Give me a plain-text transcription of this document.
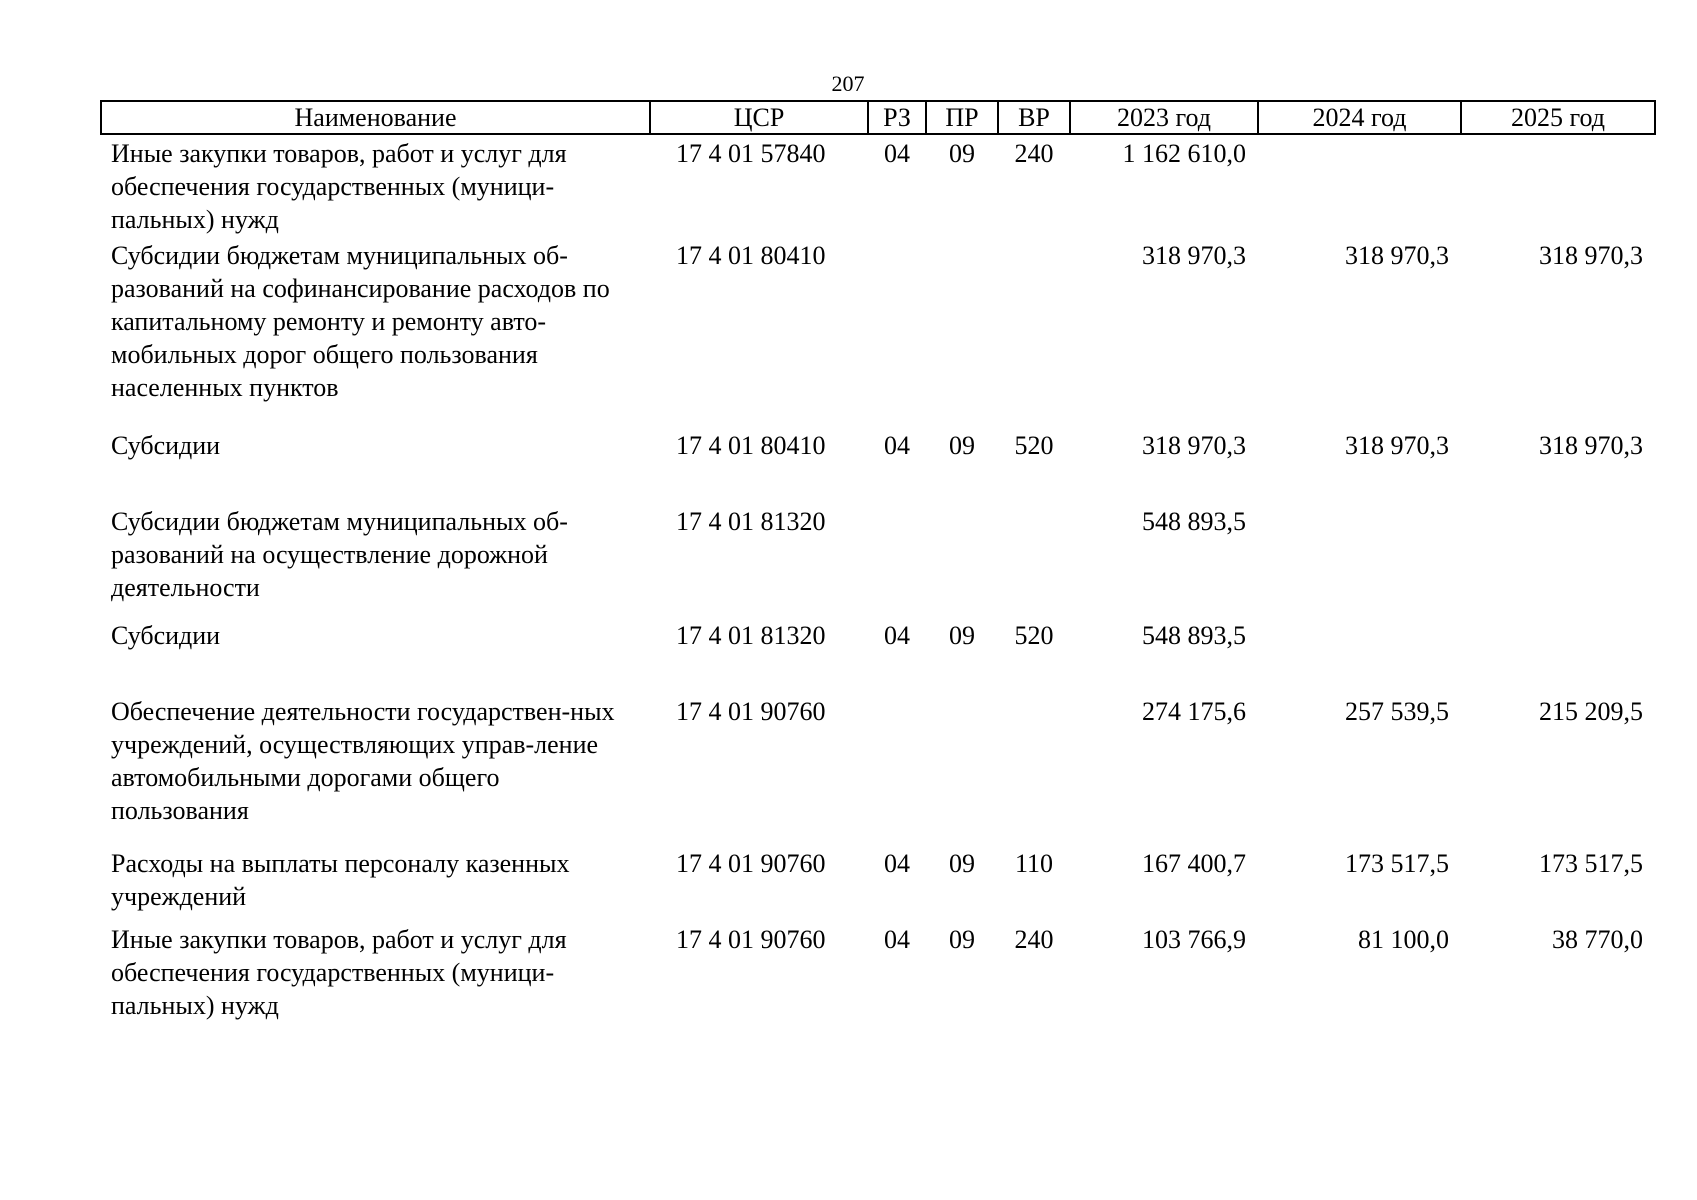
207
Наименование	ЦСР	РЗ	ПР	ВР	2023 год	2024 год	2025 год
Иные закупки товаров, работ и услуг для обеспечения государственных (муници-пальных) нужд	17 4 01 57840	04	09	240	1 162 610,0		
Субсидии бюджетам муниципальных об-разований на софинансирование расходов по капитальному ремонту и ремонту авто-мобильных дорог общего пользования населенных пунктов	17 4 01 80410				318 970,3	318 970,3	318 970,3
Субсидии	17 4 01 80410	04	09	520	318 970,3	318 970,3	318 970,3
Субсидии бюджетам муниципальных об-разований на осуществление дорожной деятельности	17 4 01 81320				548 893,5		
Субсидии	17 4 01 81320	04	09	520	548 893,5		
Обеспечение деятельности государствен-ных учреждений, осуществляющих управ-ление автомобильными дорогами общего пользования	17 4 01 90760				274 175,6	257 539,5	215 209,5
Расходы на выплаты персоналу казенных учреждений	17 4 01 90760	04	09	110	167 400,7	173 517,5	173 517,5
Иные закупки товаров, работ и услуг для обеспечения государственных (муници-пальных) нужд	17 4 01 90760	04	09	240	103 766,9	81 100,0	38 770,0
